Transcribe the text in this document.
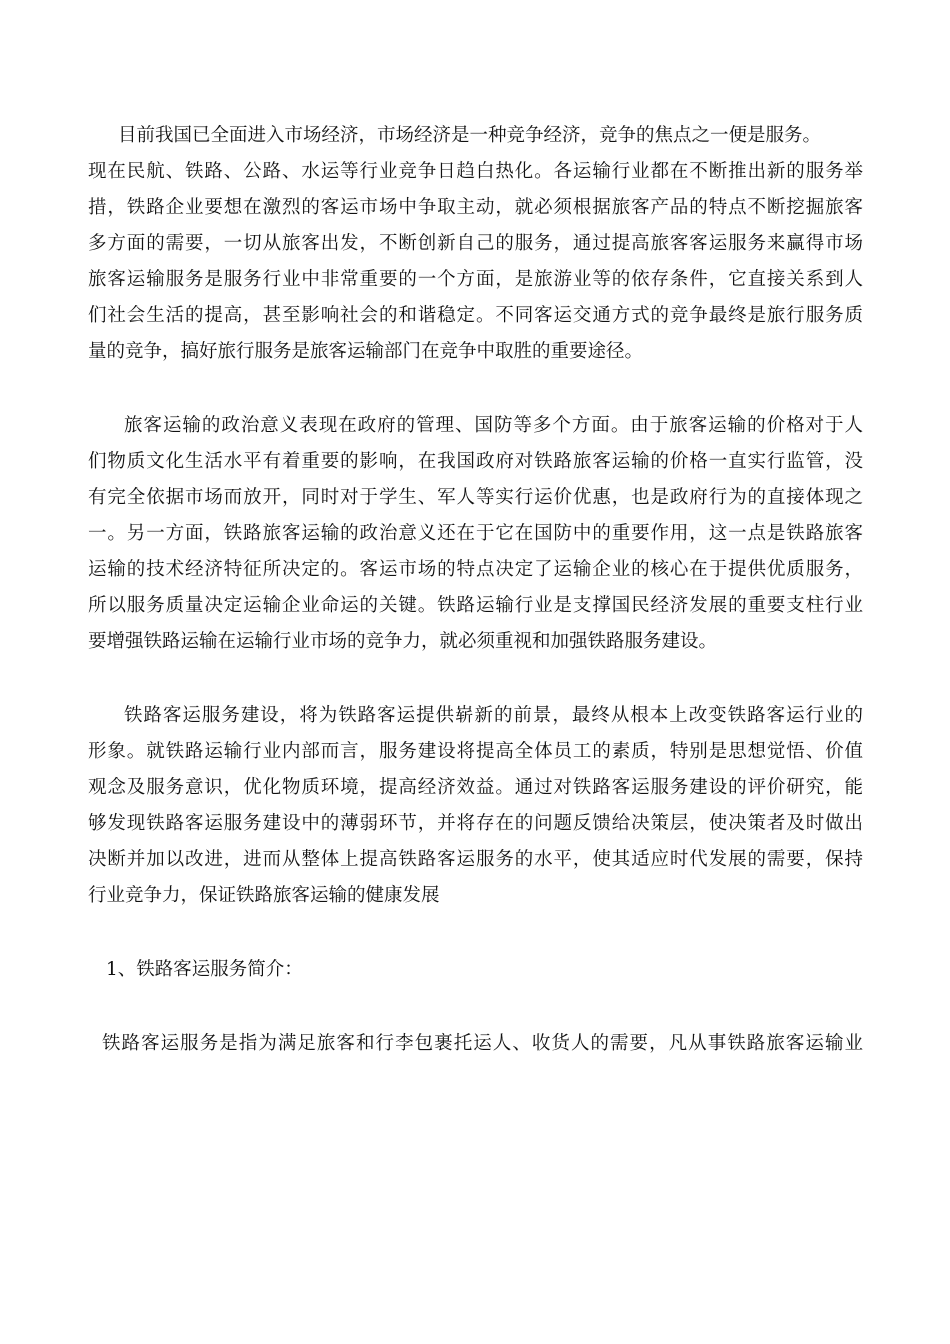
目前我国已全面进入市场经济，市场经济是一种竞争经济，竞争的焦点之一便是服务。
现在民航、铁路、公路、水运等行业竞争日趋白热化。各运输行业都在不断推出新的服务举
措，铁路企业要想在激烈的客运市场中争取主动，就必须根据旅客产品的特点不断挖掘旅客
多方面的需要，一切从旅客出发，不断创新自己的服务，通过提高旅客客运服务来赢得市场
旅客运输服务是服务行业中非常重要的一个方面，是旅游业等的依存条件，它直接关系到人
们社会生活的提高，甚至影响社会的和谐稳定。不同客运交通方式的竞争最终是旅行服务质
量的竞争，搞好旅行服务是旅客运输部门在竞争中取胜的重要途径。
旅客运输的政治意义表现在政府的管理、国防等多个方面。由于旅客运输的价格对于人
们物质文化生活水平有着重要的影响，在我国政府对铁路旅客运输的价格一直实行监管，没
有完全依据市场而放开，同时对于学生、军人等实行运价优惠，也是政府行为的直接体现之
一。另一方面，铁路旅客运输的政治意义还在于它在国防中的重要作用，这一点是铁路旅客
运输的技术经济特征所决定的。客运市场的特点决定了运输企业的核心在于提供优质服务，
所以服务质量决定运输企业命运的关键。铁路运输行业是支撑国民经济发展的重要支柱行业
要增强铁路运输在运输行业市场的竞争力，就必须重视和加强铁路服务建设。
铁路客运服务建设，将为铁路客运提供崭新的前景，最终从根本上改变铁路客运行业的
形象。就铁路运输行业内部而言，服务建设将提高全体员工的素质，特别是思想觉悟、价值
观念及服务意识，优化物质环境，提高经济效益。通过对铁路客运服务建设的评价研究，能
够发现铁路客运服务建设中的薄弱环节，并将存在的问题反馈给决策层，使决策者及时做出
决断并加以改进，进而从整体上提高铁路客运服务的水平，使其适应时代发展的需要，保持
行业竞争力，保证铁路旅客运输的健康发展
1、铁路客运服务简介：
铁路客运服务是指为满足旅客和行李包裹托运人、收货人的需要，凡从事铁路旅客运输业
